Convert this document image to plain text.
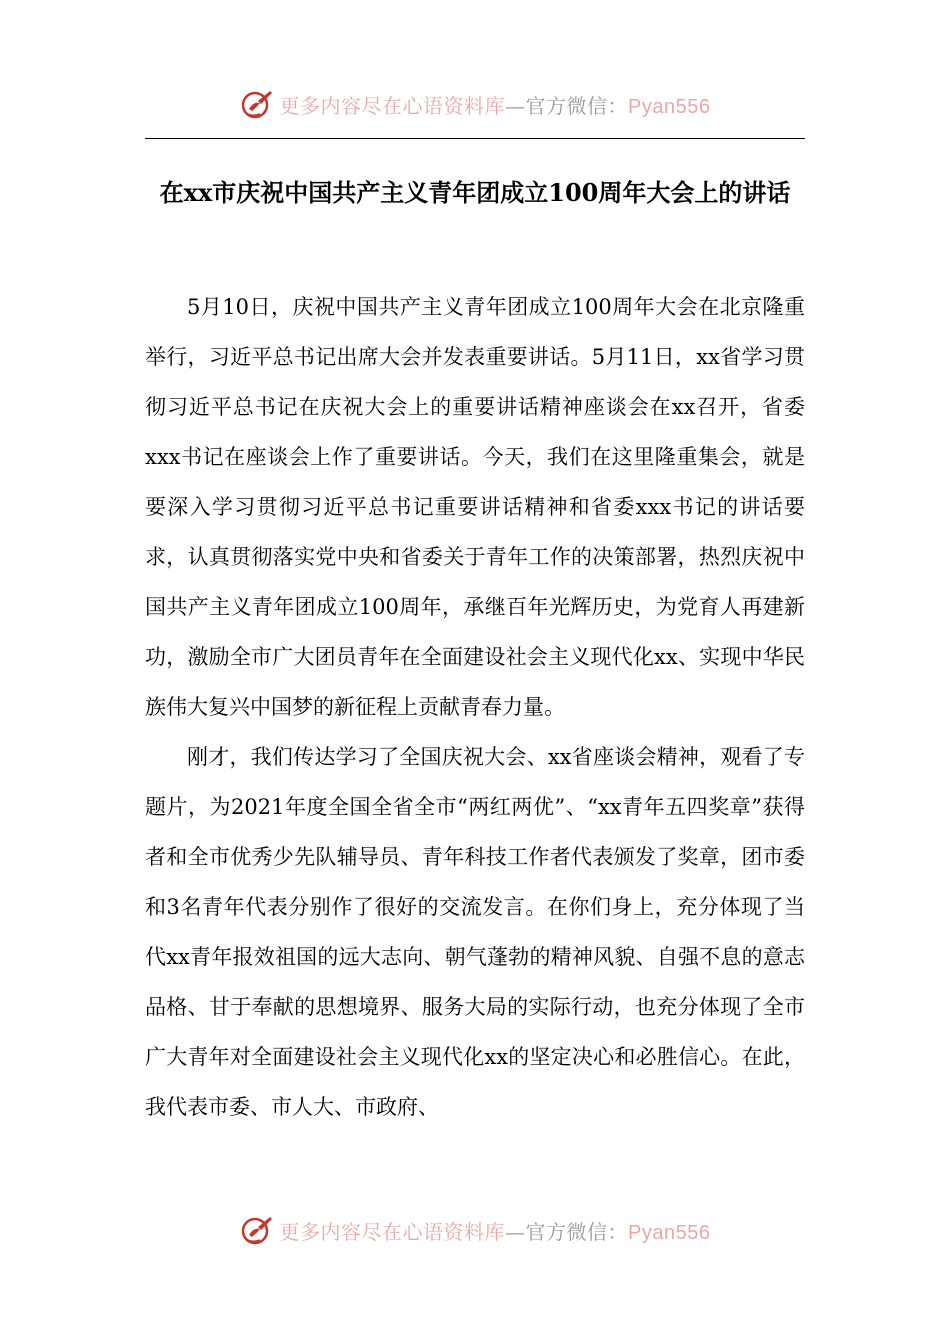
更多内容尽在心语资料库—官方微信：Pyan556
在xx市庆祝中国共产主义青年团成立100周年大会上的讲话

5月10日，庆祝中国共产主义青年团成立100周年大会在北京隆重举行，习近平总书记出席大会并发表重要讲话。5月11日，xx省学习贯彻习近平总书记在庆祝大会上的重要讲话精神座谈会在xx召开，省委xxx书记在座谈会上作了重要讲话。今天，我们在这里隆重集会，就是要深入学习贯彻习近平总书记重要讲话精神和省委xxx书记的讲话要求，认真贯彻落实党中央和省委关于青年工作的决策部署，热烈庆祝中国共产主义青年团成立100周年，承继百年光辉历史，为党育人再建新功，激励全市广大团员青年在全面建设社会主义现代化xx、实现中华民族伟大复兴中国梦的新征程上贡献青春力量。

刚才，我们传达学习了全国庆祝大会、xx省座谈会精神，观看了专题片，为2021年度全国全省全市“两红两优”、“xx青年五四奖章”获得者和全市优秀少先队辅导员、青年科技工作者代表颁发了奖章，团市委和3名青年代表分别作了很好的交流发言。在你们身上，充分体现了当代xx青年报效祖国的远大志向、朝气蓬勃的精神风貌、自强不息的意志品格、甘于奉献的思想境界、服务大局的实际行动，也充分体现了全市广大青年对全面建设社会主义现代化xx的坚定决心和必胜信心。在此，我代表市委、市人大、市政府、

更多内容尽在心语资料库—官方微信：Pyan556
